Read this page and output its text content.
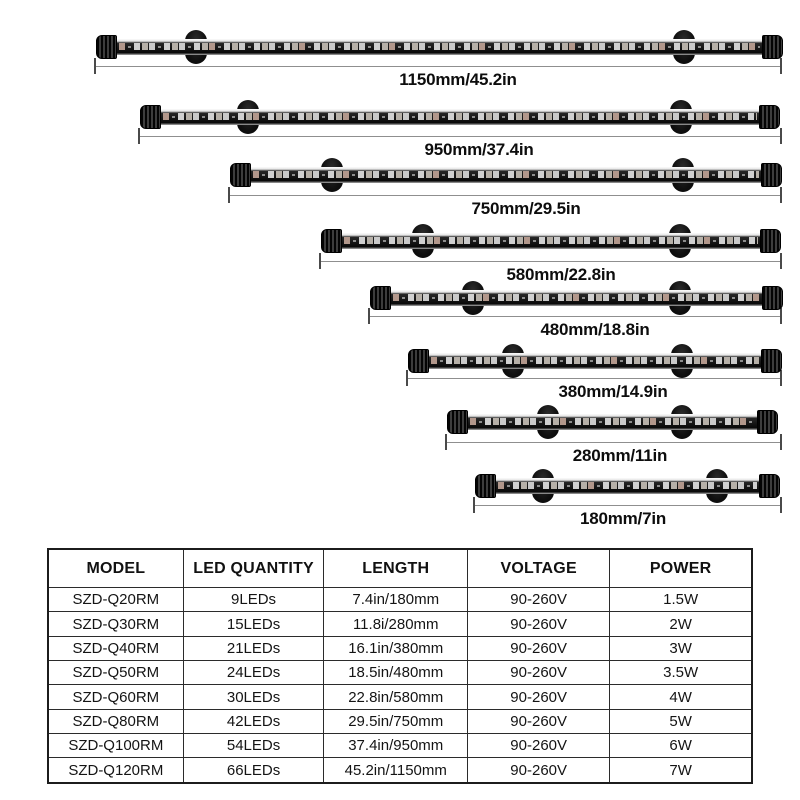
1150mm/45.2in
950mm/37.4in
750mm/29.5in
580mm/22.8in
480mm/18.8in
380mm/14.9in
280mm/11in
180mm/7in
MODEL	LED QUANTITY	LENGTH	VOLTAGE	POWER
SZD-Q20RM	9LEDs	7.4in/180mm	90-260V	1.5W
SZD-Q30RM	15LEDs	11.8i/280mm	90-260V	2W
SZD-Q40RM	21LEDs	16.1in/380mm	90-260V	3W
SZD-Q50RM	24LEDs	18.5in/480mm	90-260V	3.5W
SZD-Q60RM	30LEDs	22.8in/580mm	90-260V	4W
SZD-Q80RM	42LEDs	29.5in/750mm	90-260V	5W
SZD-Q100RM	54LEDs	37.4in/950mm	90-260V	6W
SZD-Q120RM	66LEDs	45.2in/1150mm	90-260V	7W
